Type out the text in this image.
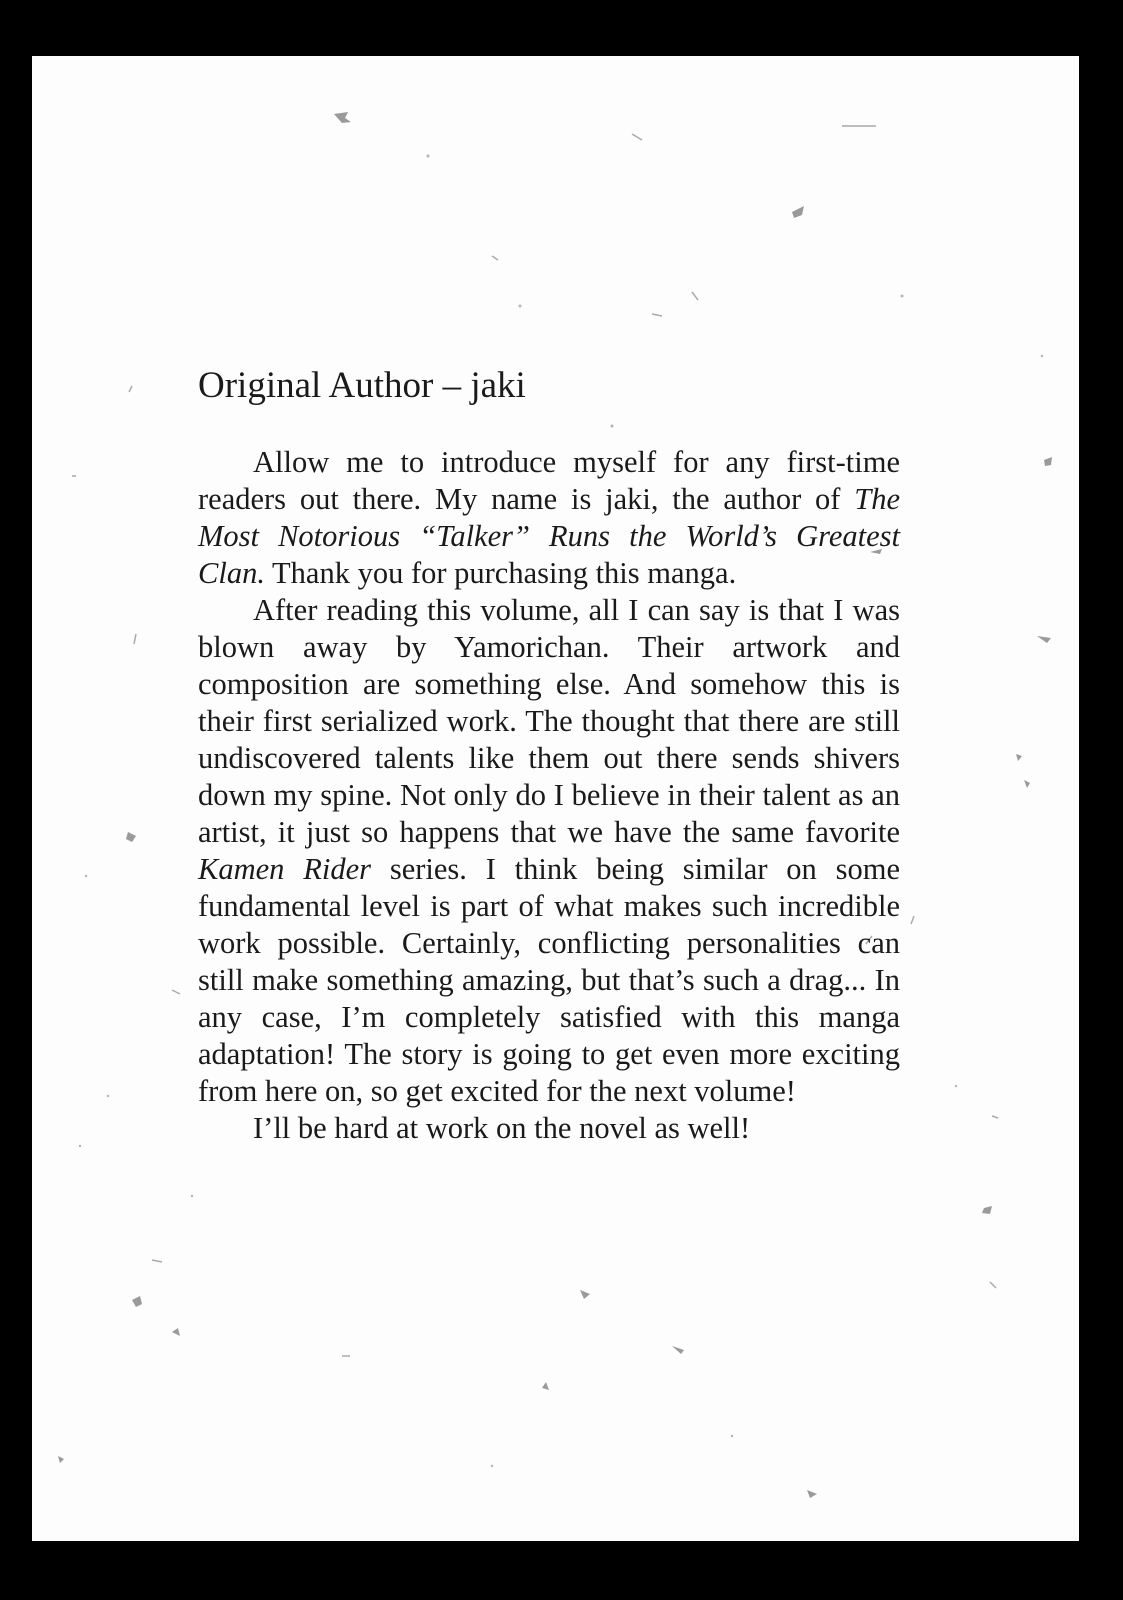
Original Author – jaki

Allow me to introduce myself for any first-time readers out there. My name is jaki, the author of The Most Notorious “Talker” Runs the World’s Greatest Clan. Thank you for purchasing this manga.

After reading this volume, all I can say is that I was blown away by Yamorichan. Their artwork and composition are something else. And somehow this is their first serialized work. The thought that there are still undiscovered talents like them out there sends shivers down my spine. Not only do I believe in their talent as an artist, it just so happens that we have the same favorite Kamen Rider series. I think being similar on some fundamental level is part of what makes such incredible work possible. Certainly, conflicting personalities can still make something amazing, but that’s such a drag... In any case, I’m completely satisfied with this manga adaptation! The story is going to get even more exciting from here on, so get excited for the next volume!

I’ll be hard at work on the novel as well!
